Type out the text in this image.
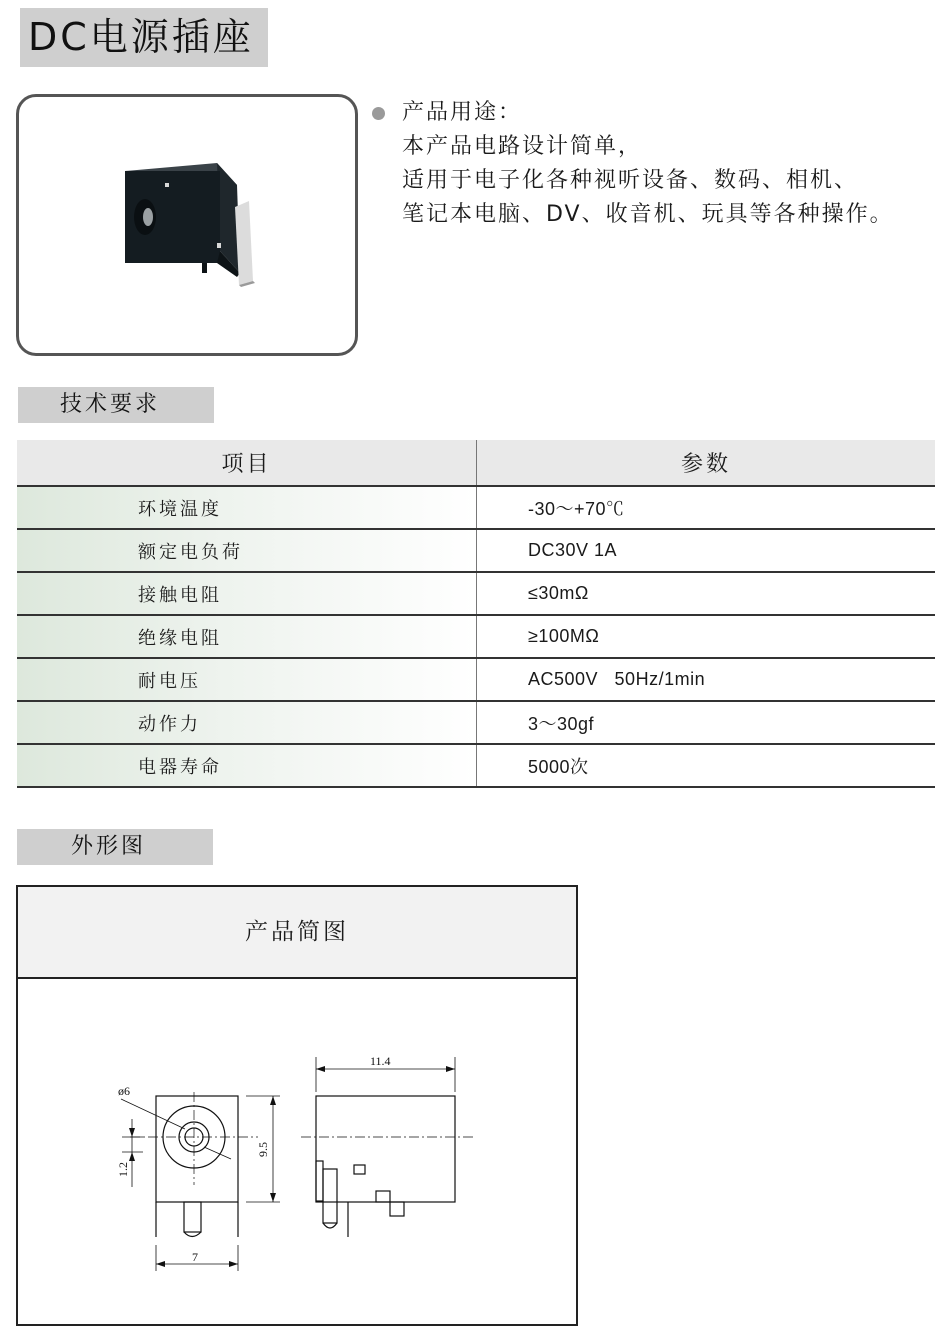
DC电源插座
产品用途：
本产品电路设计简单，
适用于电子化各种视听设备、数码、相机、
笔记本电脑、DV、收音机、玩具等各种操作。
技术要求
项目	参数
环境温度	-30～+70℃
额定电负荷	DC30V 1A
接触电阻	≤30mΩ
绝缘电阻	≥100MΩ
耐电压	AC500V   50Hz/1min
动作力	3～30gf
电器寿命	5000次
外形图
产品简图
ø6
9.5
1.2
7
11.4
